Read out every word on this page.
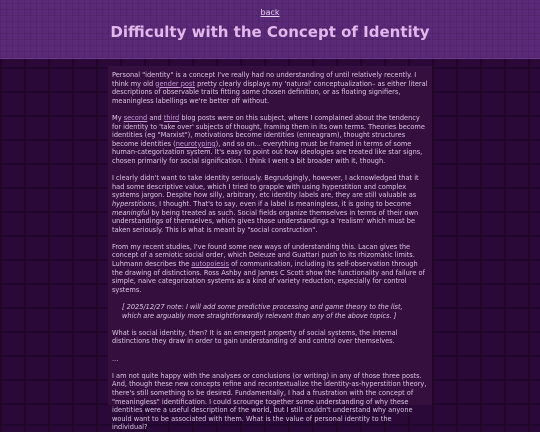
back
Difficulty with the Concept of Identity

Personal "identity" is a concept I've really had no understanding of until relatively recently. I think my old gender post pretty clearly displays my 'natural' conceptualization– as either literal descriptions of observable traits fitting some chosen definition, or as floating signifiers, meaningless labellings we're better off without.

My second and third blog posts were on this subject, where I complained about the tendency for identity to 'take over' subjects of thought, framing them in its own terms. Theories become identities (eg "Marxist"), motivations become identities (enneagram), thought structures become identities (neurotyping), and so on... everything must be framed in terms of some human-categorization system. It's easy to point out how ideologies are treated like star signs, chosen primarily for social signification. I think I went a bit broader with it, though.

I clearly didn't want to take identity seriously. Begrudgingly, however, I acknowledged that it had some descriptive value, which I tried to grapple with using hyperstition and complex systems jargon. Despite how silly, arbitrary, etc identity labels are, they are still valuable as hyperstitions, I thought. That's to say, even if a label is meaningless, it is going to become meaningful by being treated as such. Social fields organize themselves in terms of their own understandings of themselves, which gives those understandings a 'realism' which must be taken seriously. This is what is meant by "social construction".

From my recent studies, I've found some new ways of understanding this. Lacan gives the concept of a semiotic social order, which Deleuze and Guattari push to its rhizomatic limits. Luhmann describes the autopoiesis of communication, including its self-observation through the drawing of distinctions. Ross Ashby and James C Scott show the functionality and failure of simple, naive categorization systems as a kind of variety reduction, especially for control systems.

[ 2025/12/27 note: I will add some predictive processing and game theory to the list, which are arguably more straightforwardly relevant than any of the above topics. ]

What is social identity, then? It is an emergent property of social systems, the internal distinctions they draw in order to gain understanding of and control over themselves.

...

I am not quite happy with the analyses or conclusions (or writing) in any of those three posts. And, though these new concepts refine and recontextualize the identity-as-hyperstition theory, there's still something to be desired. Fundamentally, I had a frustration with the concept of "meaningless" identification. I could scrounge together some understanding of why these identities were a useful description of the world, but I still couldn't understand why anyone would want to be associated with them. What is the value of personal identity to the individual?
